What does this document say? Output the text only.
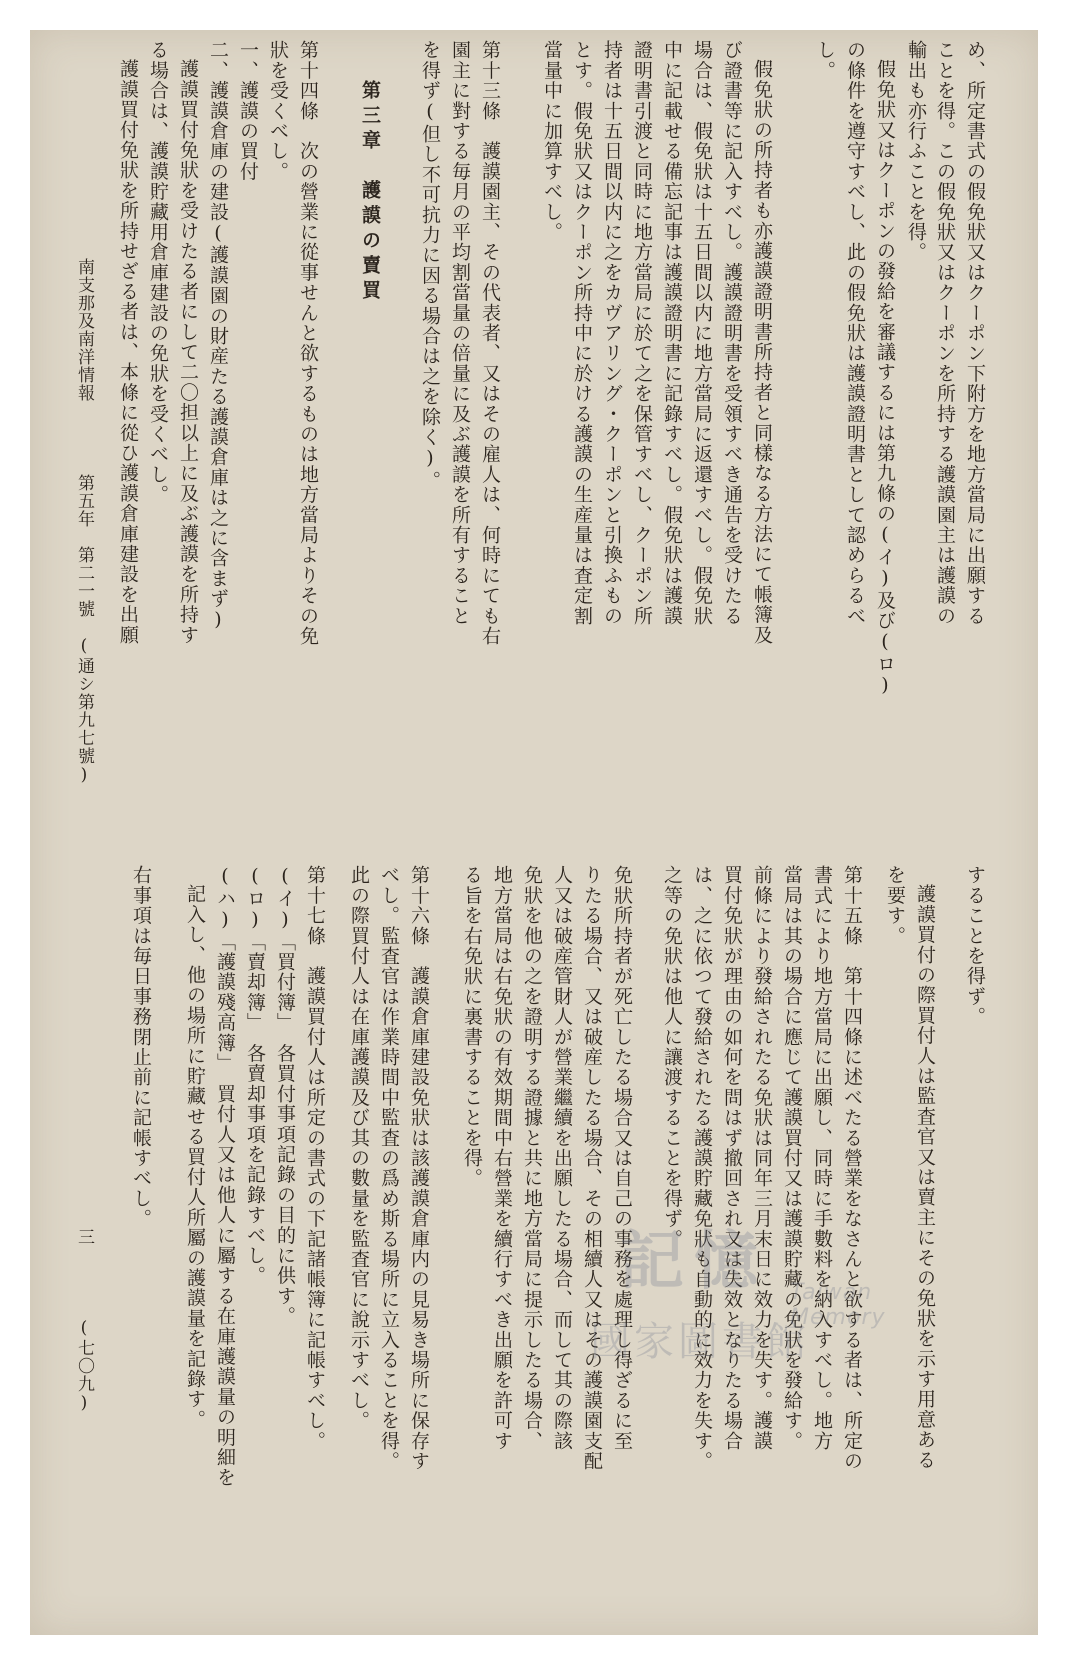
め、所定書式の假免狀又はクーポン下附方を地方當局に出願する
ことを得。この假免狀又はクーポンを所持する護謨園主は護謨の
輸出も亦行ふことを得。
假免狀又はクーポンの發給を審議するには第九條の(イ)及び(ロ)
の條件を遵守すべし、此の假免狀は護謨證明書として認めらるべ
し。
假免狀の所持者も亦護謨證明書所持者と同樣なる方法にて帳簿及
び證書等に記入すべし。護謨證明書を受領すべき通告を受けたる
場合は、假免狀は十五日間以内に地方當局に返還すべし。假免狀
中に記載せる備忘記事は護謨證明書に記錄すべし。假免狀は護謨
證明書引渡と同時に地方當局に於て之を保管すべし、クーポン所
持者は十五日間以内に之をカヴアリング・クーポンと引換ふもの
とす。假免狀又はクーポン所持中に於ける護謨の生産量は査定割
當量中に加算すべし。
第十三條　護謨園主、その代表者、又はその雇人は、何時にても右
園主に對する毎月の平均割當量の倍量に及ぶ護謨を所有すること
を得ず(但し不可抗力に因る場合は之を除く)。
第三章　護謨の賣買
第十四條　次の營業に從事せんと欲するものは地方當局よりその免
狀を受くべし。
一、護謨の買付
二、護謨倉庫の建設(護謨園の財産たる護謨倉庫は之に含まず)
護謨買付免狀を受けたる者にして二〇担以上に及ぶ護謨を所持す
る場合は、護謨貯藏用倉庫建設の免狀を受くべし。
護謨買付免狀を所持せざる者は、本條に從ひ護謨倉庫建設を出願
することを得ず。
護謨買付の際買付人は監査官又は賣主にその免狀を示す用意ある
を要す。
第十五條　第十四條に述べたる營業をなさんと欲する者は、所定の
書式により地方當局に出願し、同時に手數料を納入すべし。地方
當局は其の場合に應じて護謨買付又は護謨貯藏の免狀を發給す。
前條により發給されたる免狀は同年三月末日に效力を失す。護謨
買付免狀が理由の如何を問はず撤回され又は失效となりたる場合
は、之に依つて發給されたる護謨貯藏免狀も自動的に效力を失す。
之等の免狀は他人に讓渡することを得ず。
免狀所持者が死亡したる場合又は自己の事務を處理し得ざるに至
りたる場合、又は破産したる場合、その相續人又はその護謨園支配
人又は破産管財人が營業繼續を出願したる場合、而して其の際該
免狀を他の之を證明する證據と共に地方當局に提示したる場合、
地方當局は右免狀の有效期間中右營業を續行すべき出願を許可す
る旨を右免狀に裏書することを得。
第十六條　護謨倉庫建設免狀は該護謨倉庫内の見易き場所に保存す
べし。監査官は作業時間中監査の爲め斯る場所に立入ることを得。
此の際買付人は在庫護謨及び其の數量を監査官に說示すべし。
第十七條　護謨買付人は所定の書式の下記諸帳簿に記帳すべし。
(イ)「買付簿」　各買付事項記錄の目的に供す。
(ロ)「賣却簿」　各賣却事項を記錄すべし。
(ハ)「護謨殘高簿」　買付人又は他人に屬する在庫護謨量の明細を
記入し、他の場所に貯藏せる買付人所屬の護謨量を記錄す。
右事項は毎日事務閉止前に記帳すべし。
南支那及南洋情報
第五年　第二一號　(通シ第九七號)
三
(七〇九)
記憶 Taiwan Memory
國家圖書館
